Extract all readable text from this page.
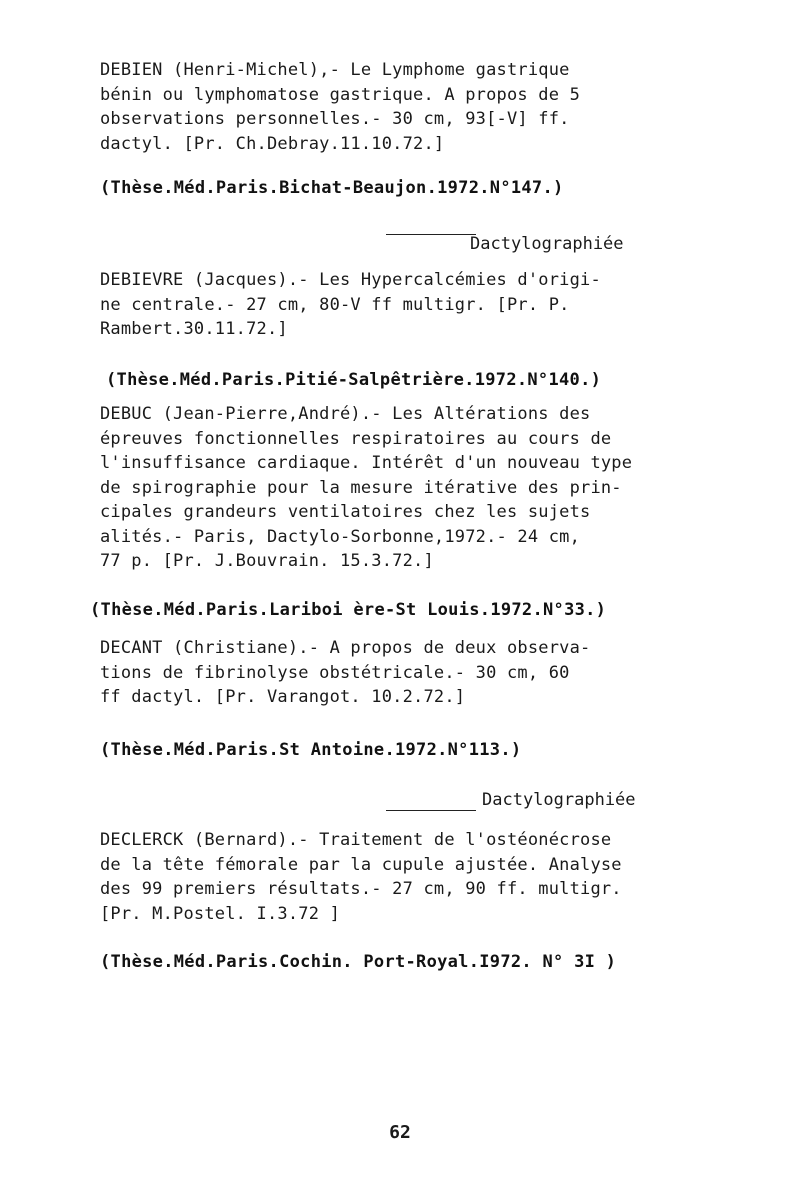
DEBIEN (Henri-Michel),- Le Lymphome gastrique
bénin ou lymphomatose gastrique. A propos de 5
observations personnelles.- 30 cm, 93[-V] ff.
dactyl. [Pr. Ch.Debray.11.10.72.]
(Thèse.Méd.Paris.Bichat-Beaujon.1972.N°147.)
Dactylographiée
DEBIEVRE (Jacques).- Les Hypercalcémies d'origi-
ne centrale.- 27 cm, 80-V ff multigr. [Pr. P.
Rambert.30.11.72.]
(Thèse.Méd.Paris.Pitié-Salpêtrière.1972.N°140.)
DEBUC (Jean-Pierre,André).- Les Altérations des
épreuves fonctionnelles respiratoires au cours de
l'insuffisance cardiaque. Intérêt d'un nouveau type
de spirographie pour la mesure itérative des prin-
cipales grandeurs ventilatoires chez les sujets
alités.- Paris, Dactylo-Sorbonne,1972.- 24 cm,
77 p. [Pr. J.Bouvrain. 15.3.72.]
(Thèse.Méd.Paris.Lariboi ère-St Louis.1972.N°33.)
DECANT (Christiane).- A propos de deux observa-
tions de fibrinolyse obstétricale.- 30 cm, 60
ff dactyl. [Pr. Varangot. 10.2.72.]
(Thèse.Méd.Paris.St Antoine.1972.N°113.)
Dactylographiée
DECLERCK (Bernard).- Traitement de l'ostéonécrose
de la tête fémorale par la cupule ajustée. Analyse
des 99 premiers résultats.- 27 cm, 90 ff. multigr.
[Pr. M.Postel. I.3.72 ]
(Thèse.Méd.Paris.Cochin. Port-Royal.I972. N° 3I )
62
